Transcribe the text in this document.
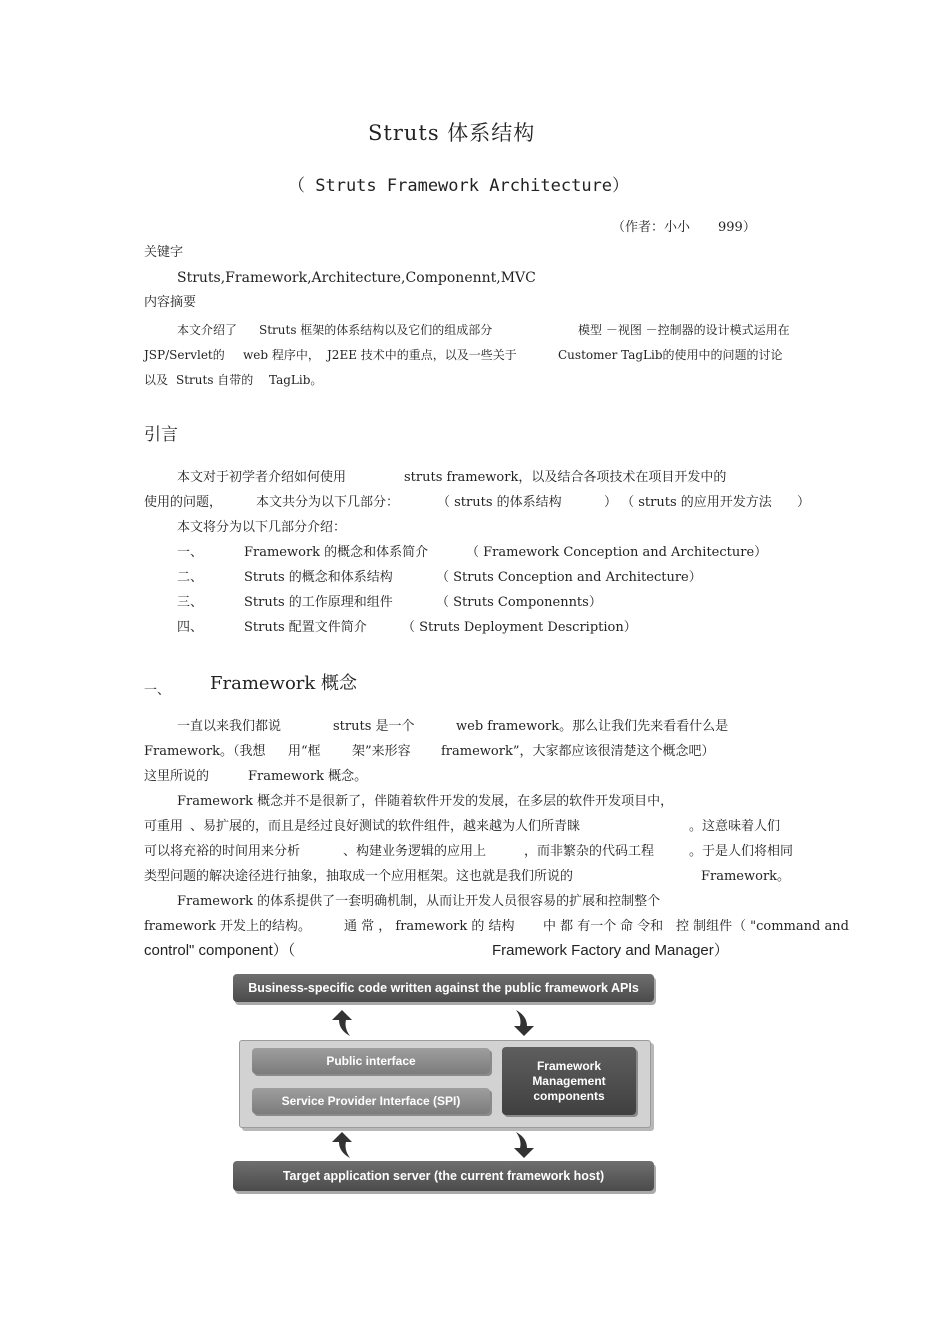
Struts 体系结构
（ Struts Framework Architecture）
（作者：小小 999）
关键字
Struts,Framework,Architecture,Componennt,MVC
内容摘要
本文介绍了 Struts 框架的体系结构以及它们的组成部分	模型 －视图 －控制器的设计模式运用在
JSP/Servlet的 web 程序中， J2EE 技术中的重点，以及一些关于	Customer TagLib的使用中的问题的讨论
以及 Struts 自带的 TagLib。
引言
本文对于初学者介绍如何使用	struts framework，以及结合各项技术在项目开发中的
使用的问题，	本文共分为以下几部分：	（ struts 的体系结构	） （ struts 的应用开发方法 ）
本文将分为以下几部分介绍：
一、	Framework 的概念和体系简介	（ Framework Conception and Architecture）
二、	Struts 的概念和体系结构	（ Struts Conception and Architecture）
三、	Struts 的工作原理和组件	（ Struts Componennts）
四、	Struts 配置文件简介	（ Struts Deployment Description）
一、 Framework 概念
一直以来我们都说	struts 是一个	web framework。那么让我们先来看看什么是
Framework。（我想 用“框 架”来形容 framework”，大家都应该很清楚这个概念吧）
这里所说的	Framework 概念。
Framework 概念并不是很新了，伴随着软件开发的发展，在多层的软件开发项目中，
可重用 、易扩展的，而且是经过良好测试的软件组件，越来越为人们所青睐	。这意味着人们
可以将充裕的时间用来分析	、构建业务逻辑的应用上	，而非繁杂的代码工程	。于是人们将相同
类型问题的解决途径进行抽象，抽取成一个应用框架。这也就是我们所说的	Framework。
Framework 的体系提供了一套明确机制，从而让开发人员很容易的扩展和控制整个
framework 开发上的结构。	通 常 ， framework 的 结构 中 都 有一个 命 令和 控 制组件 （ "command and
control" component）（	Framework Factory and Manager）
Business-specific code written against the public framework APIs
Public interface
Service Provider Interface (SPI)
Framework
Management
components
Target application server (the current framework host)
